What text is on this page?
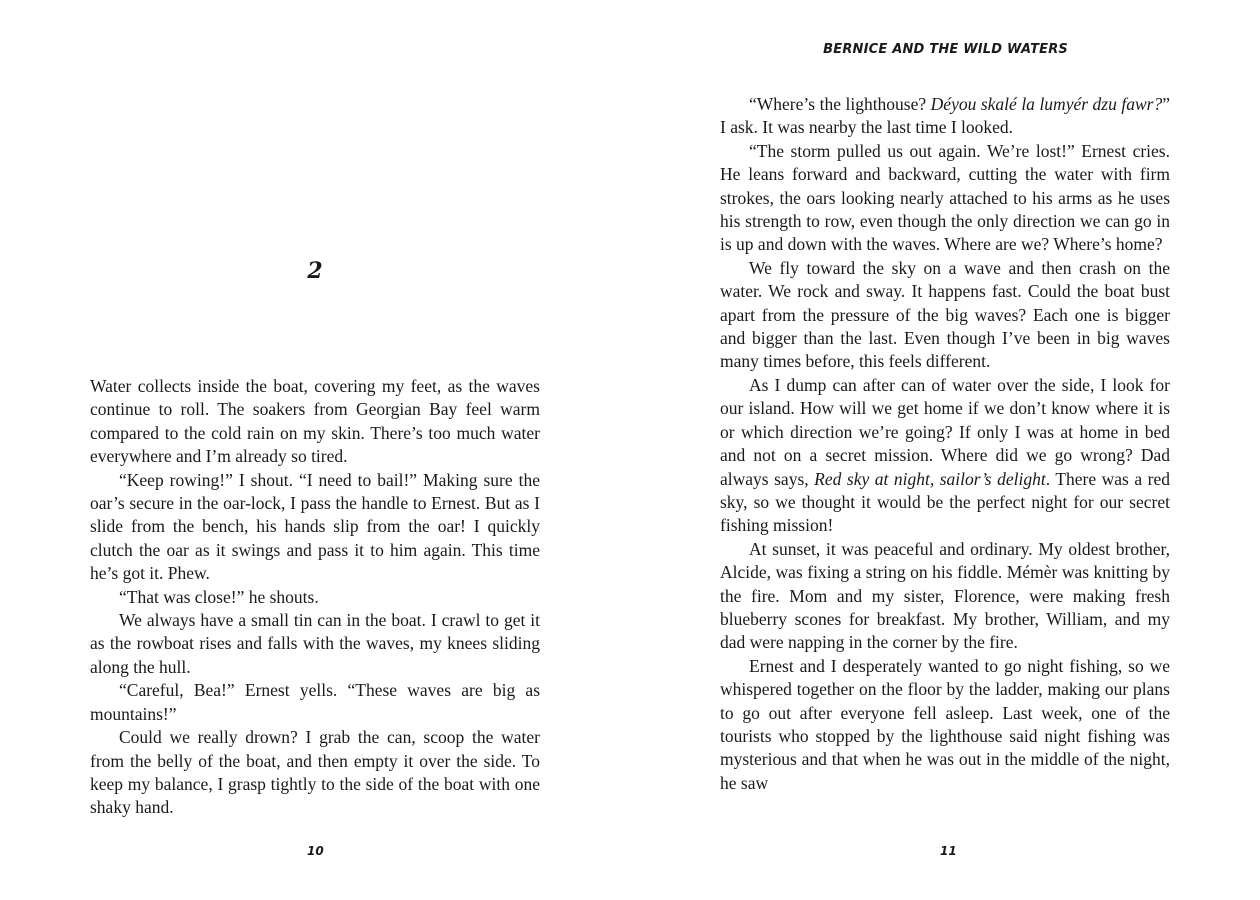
2

Water collects inside the boat, covering my feet, as the waves continue to roll. The soakers from Georgian Bay feel warm compared to the cold rain on my skin. There’s too much water everywhere and I’m already so tired.

“Keep rowing!” I shout. “I need to bail!” Making sure the oar’s secure in the oar-lock, I pass the handle to Ernest. But as I slide from the bench, his hands slip from the oar! I quickly clutch the oar as it swings and pass it to him again. This time he’s got it. Phew.

“That was close!” he shouts.

We always have a small tin can in the boat. I crawl to get it as the rowboat rises and falls with the waves, my knees sliding along the hull.

“Careful, Bea!” Ernest yells. “These waves are big as mountains!”

Could we really drown? I grab the can, scoop the water from the belly of the boat, and then empty it over the side. To keep my balance, I grasp tightly to the side of the boat with one shaky hand.

10
BERNICE AND THE WILD WATERS

“Where’s the lighthouse? Déyou skalé la lumyér dzu fawr?” I ask. It was nearby the last time I looked.

“The storm pulled us out again. We’re lost!” Ernest cries. He leans forward and backward, cutting the water with firm strokes, the oars looking nearly attached to his arms as he uses his strength to row, even though the only direction we can go in is up and down with the waves. Where are we? Where’s home?

We fly toward the sky on a wave and then crash on the water. We rock and sway. It happens fast. Could the boat bust apart from the pressure of the big waves? Each one is bigger and bigger than the last. Even though I’ve been in big waves many times before, this feels different.

As I dump can after can of water over the side, I look for our island. How will we get home if we don’t know where it is or which direction we’re going? If only I was at home in bed and not on a secret mission. Where did we go wrong? Dad always says, Red sky at night, sailor’s delight. There was a red sky, so we thought it would be the perfect night for our secret fishing mission!

At sunset, it was peaceful and ordinary. My oldest brother, Alcide, was fixing a string on his fiddle. Mémèr was knitting by the fire. Mom and my sister, Florence, were making fresh blueberry scones for breakfast. My brother, William, and my dad were napping in the corner by the fire.

Ernest and I desperately wanted to go night fishing, so we whispered together on the floor by the ladder, making our plans to go out after everyone fell asleep. Last week, one of the tourists who stopped by the lighthouse said night fishing was mysterious and that when he was out in the middle of the night, he saw

11
